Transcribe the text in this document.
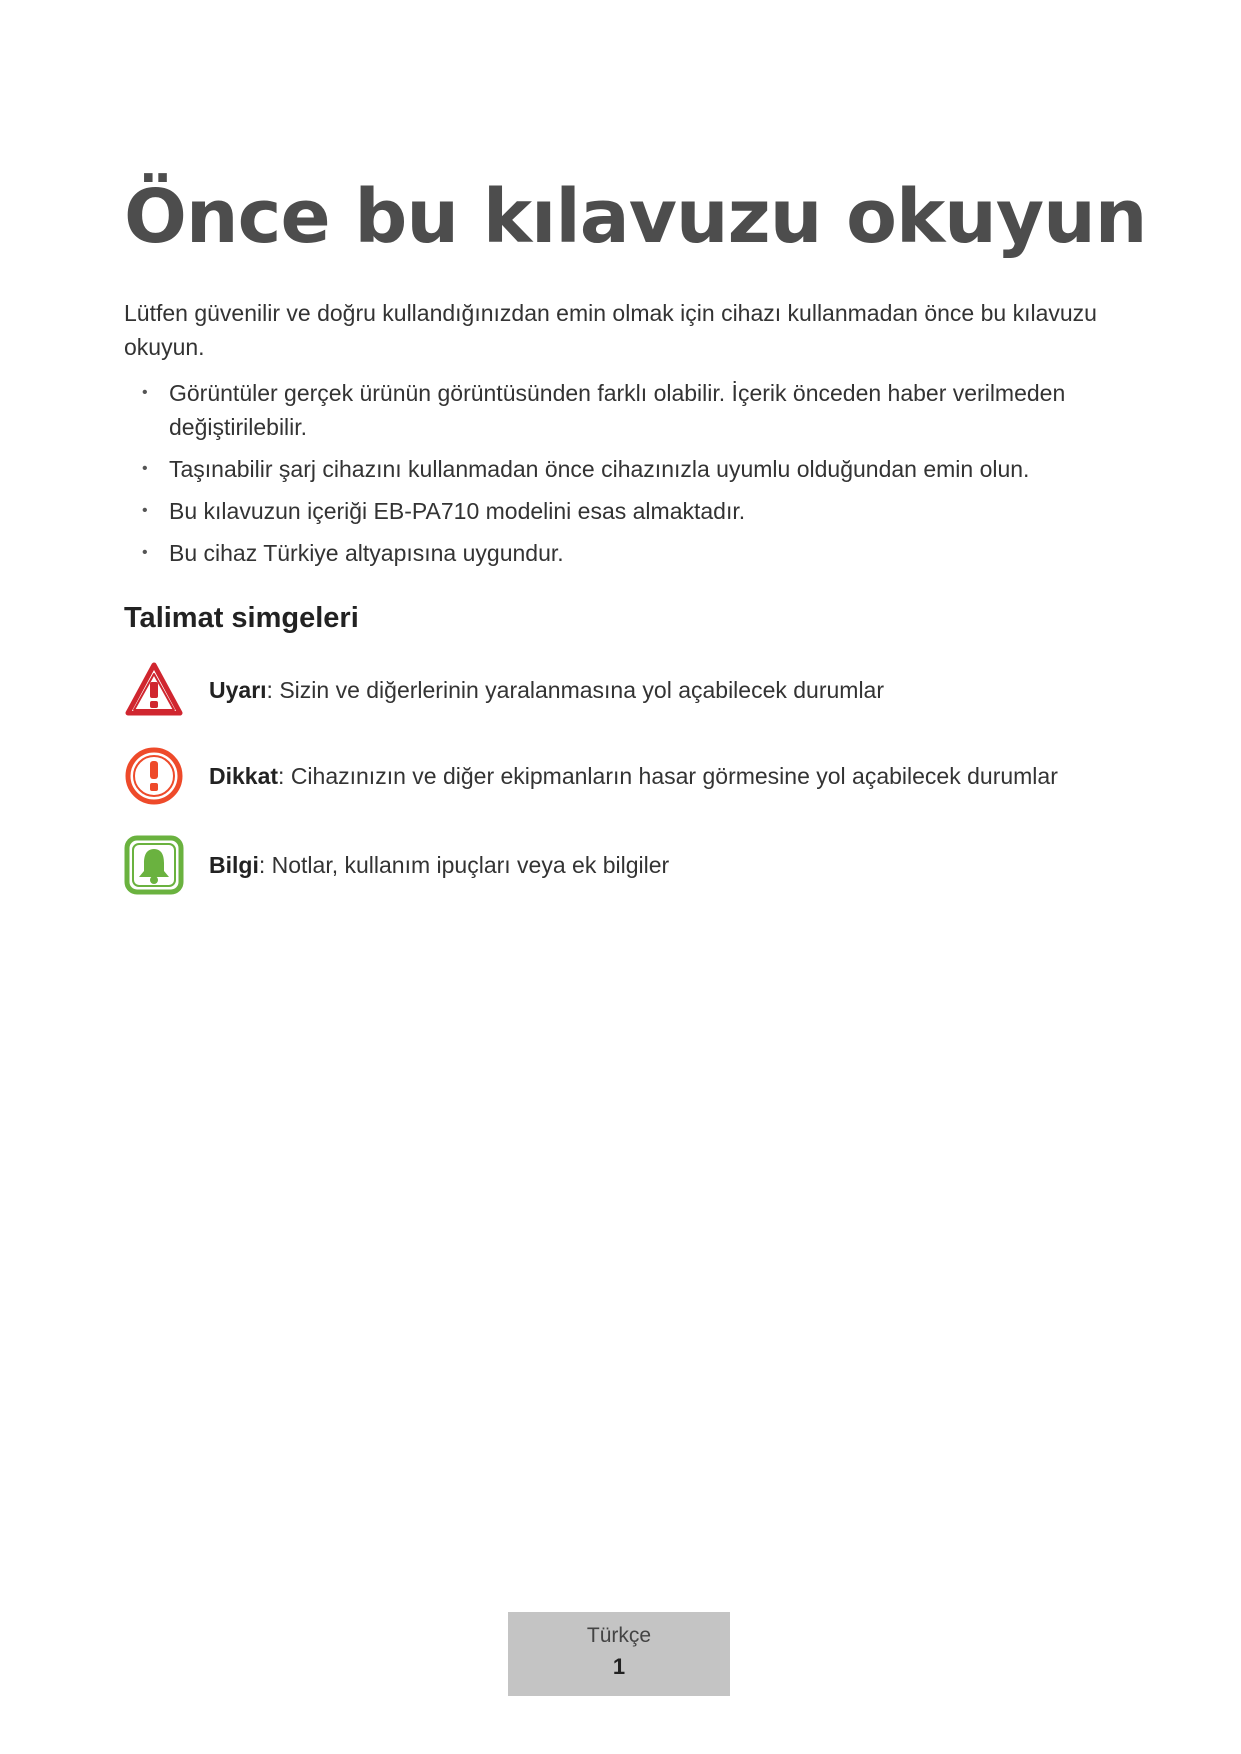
Önce bu kılavuzu okuyun

Lütfen güvenilir ve doğru kullandığınızdan emin olmak için cihazı kullanmadan önce bu kılavuzu okuyun.

• Görüntüler gerçek ürünün görüntüsünden farklı olabilir. İçerik önceden haber verilmeden değiştirilebilir.
• Taşınabilir şarj cihazını kullanmadan önce cihazınızla uyumlu olduğundan emin olun.
• Bu kılavuzun içeriği EB-PA710 modelini esas almaktadır.
• Bu cihaz Türkiye altyapısına uygundur.
Talimat simgeleri
Uyarı: Sizin ve diğerlerinin yaralanmasına yol açabilecek durumlar
Dikkat: Cihazınızın ve diğer ekipmanların hasar görmesine yol açabilecek durumlar
Bilgi: Notlar, kullanım ipuçları veya ek bilgiler
Türkçe
1
